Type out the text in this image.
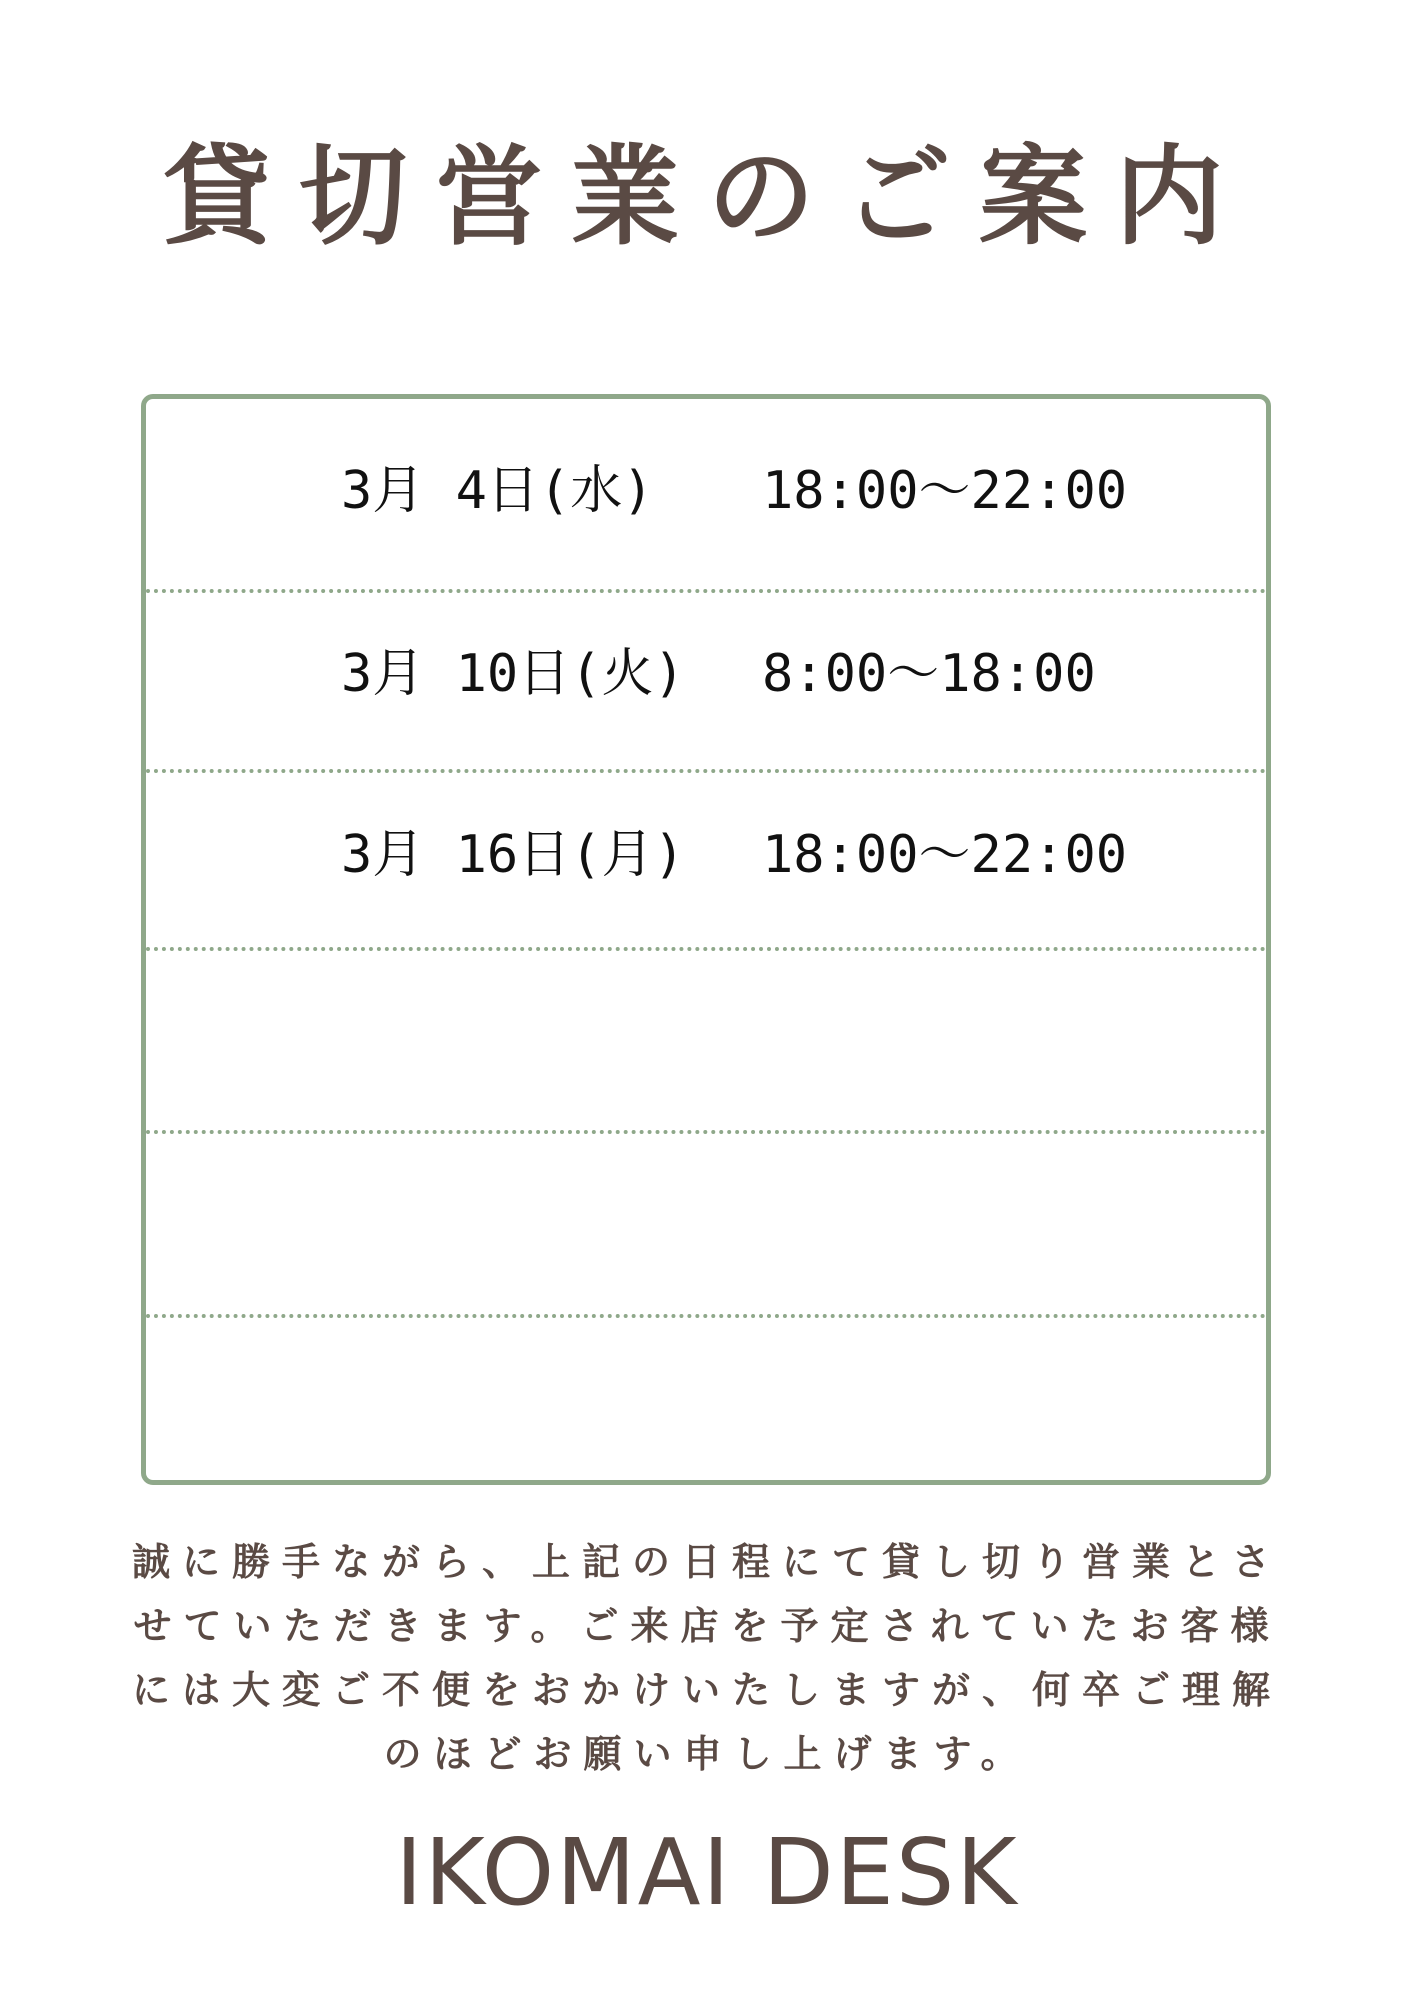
貸切営業のご案内
3月 4日(水) 18:00〜22:00
3月 10日(火) 8:00〜18:00
3月 16日(月) 18:00〜22:00
誠に勝手ながら、上記の日程にて貸し切り営業とさ
せていただきます。ご来店を予定されていたお客様
には大変ご不便をおかけいたしますが、何卒ご理解
のほどお願い申し上げます。
IKOMAI DESK
